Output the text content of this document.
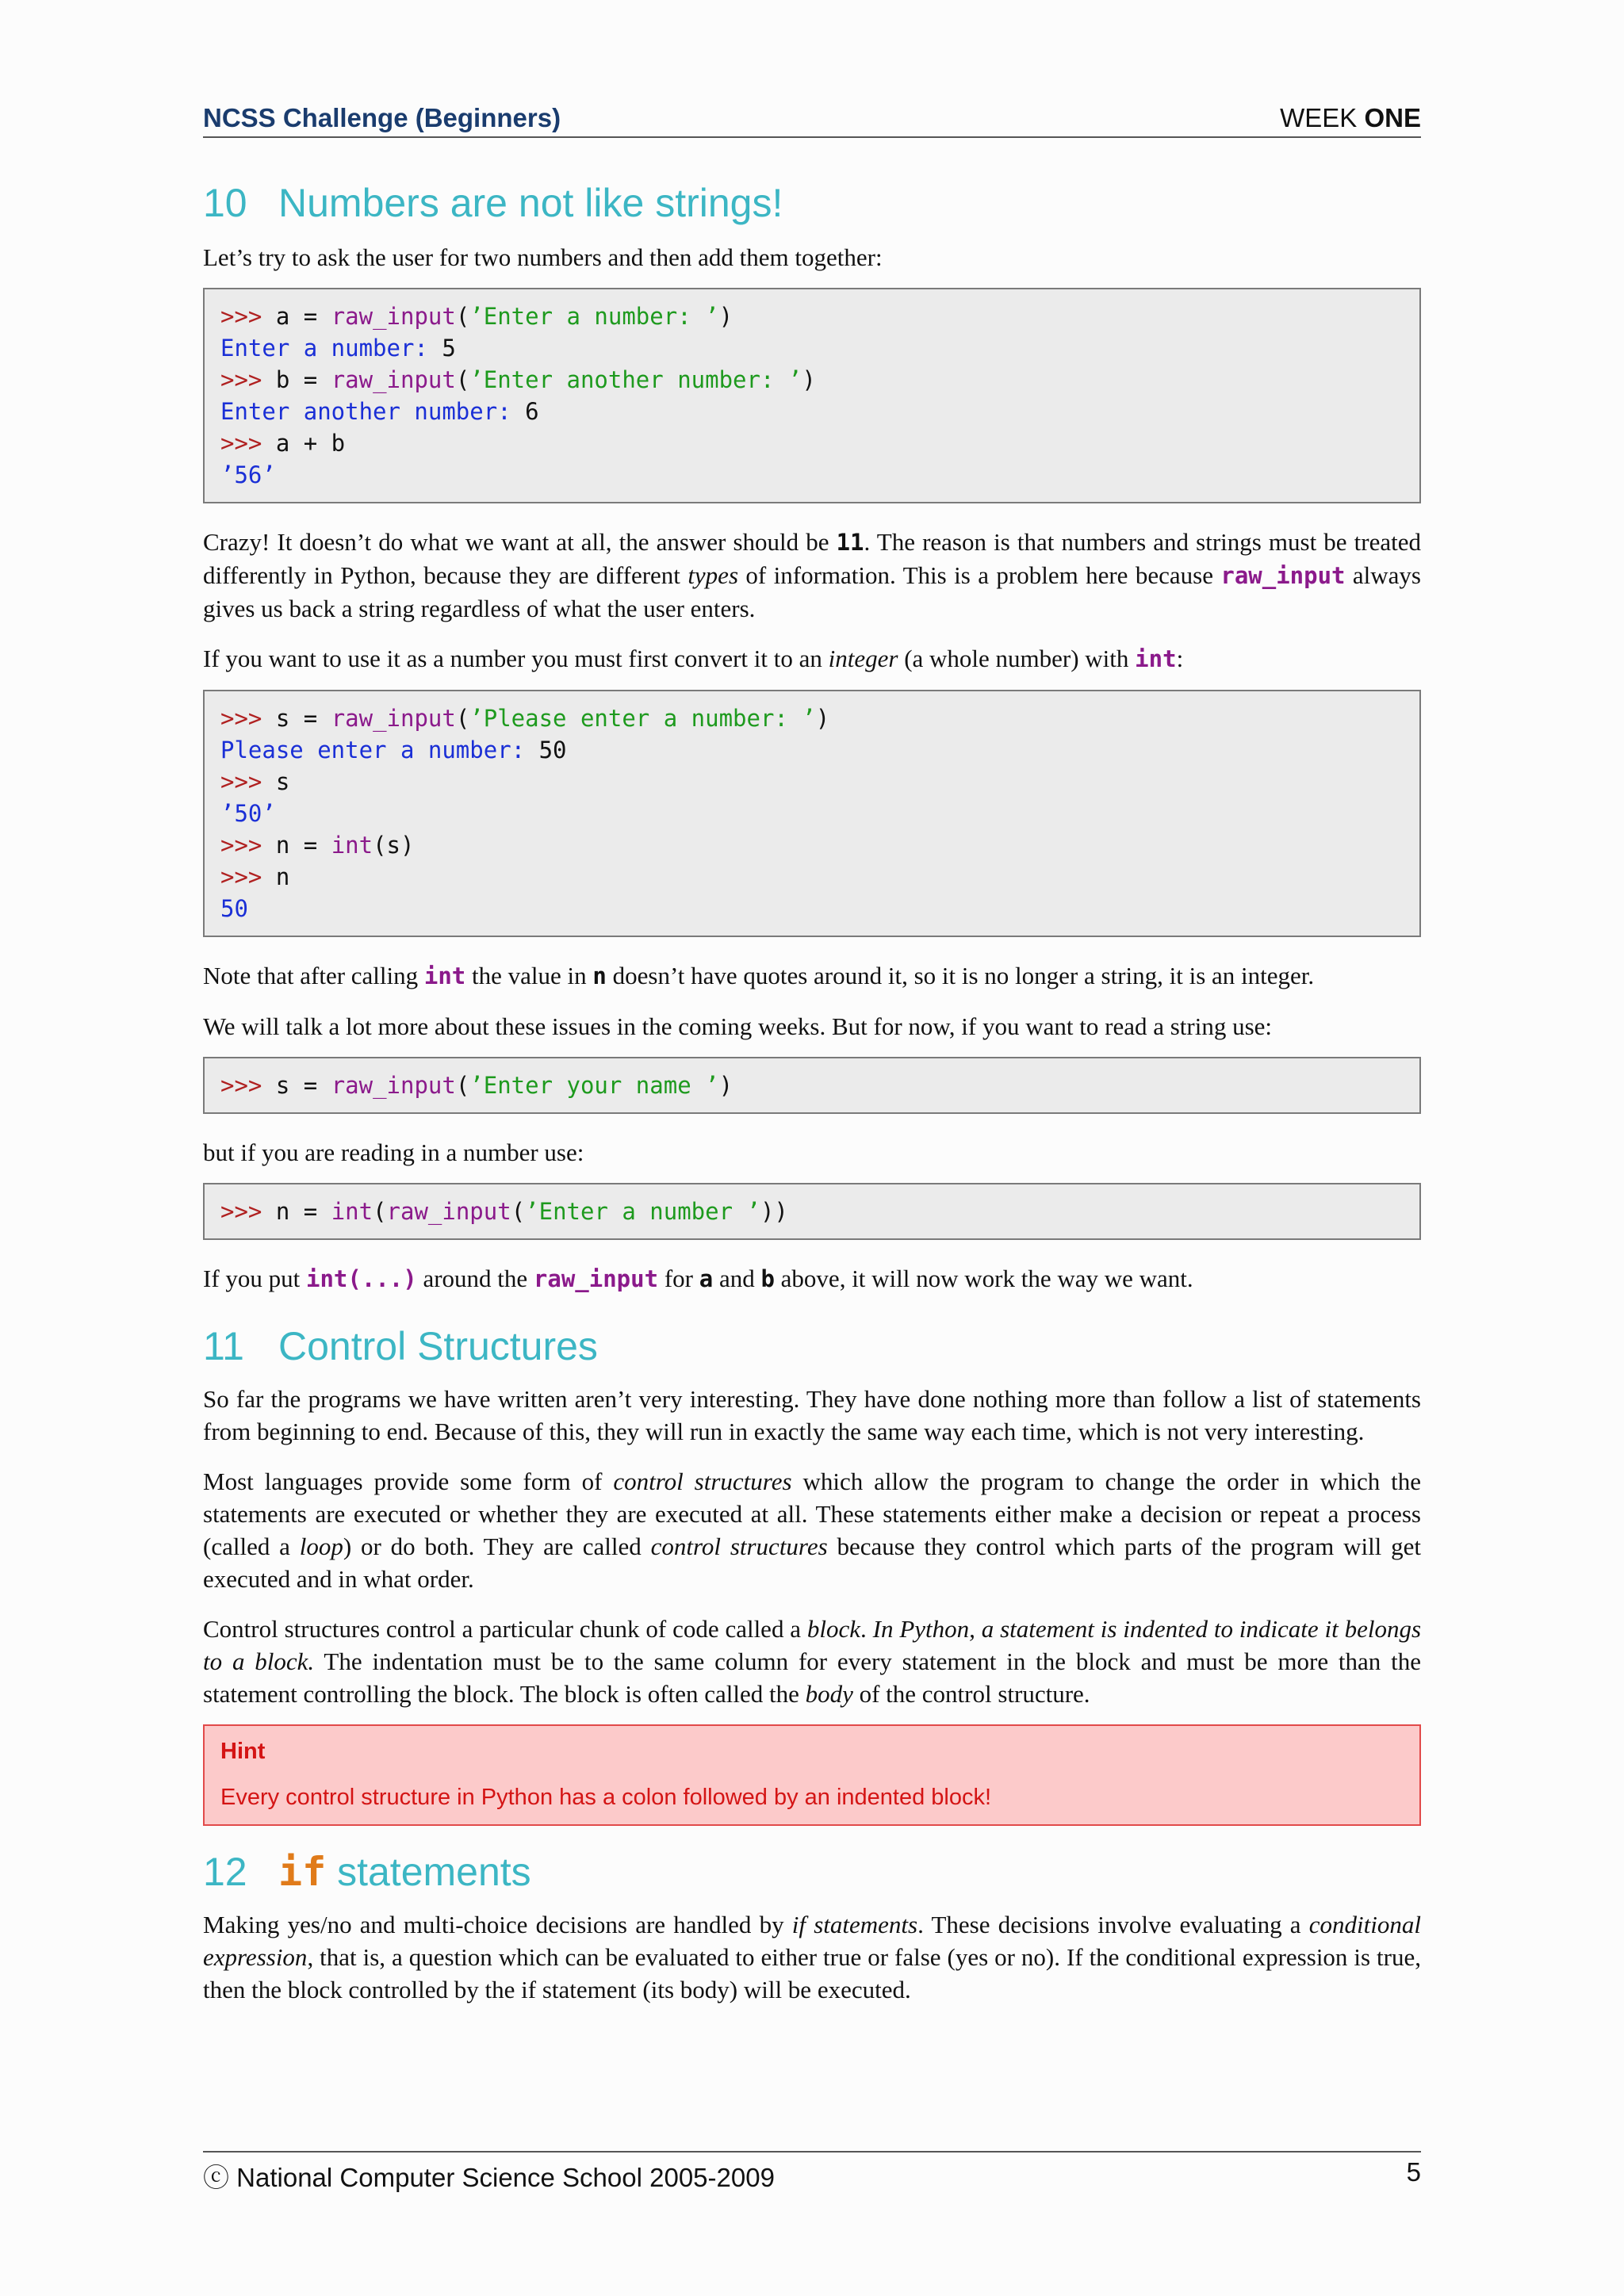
NCSS Challenge (Beginners)	WEEK ONE
10 Numbers are not like strings!

Let’s try to ask the user for two numbers and then add them together:

>>> a = raw_input(’Enter a number: ’)
Enter a number: 5
>>> b = raw_input(’Enter another number: ’)
Enter another number: 6
>>> a + b
’56’

Crazy! It doesn’t do what we want at all, the answer should be 11. The reason is that numbers and strings must be treated differently in Python, because they are different types of information. This is a problem here because raw_input always gives us back a string regardless of what the user enters.

If you want to use it as a number you must first convert it to an integer (a whole number) with int:

>>> s = raw_input(’Please enter a number: ’)
Please enter a number: 50
>>> s
’50’
>>> n = int(s)
>>> n
50

Note that after calling int the value in n doesn’t have quotes around it, so it is no longer a string, it is an integer.

We will talk a lot more about these issues in the coming weeks. But for now, if you want to read a string use:

>>> s = raw_input(’Enter your name ’)

but if you are reading in a number use:

>>> n = int(raw_input(’Enter a number ’))

If you put int(...) around the raw_input for a and b above, it will now work the way we want.

11 Control Structures

So far the programs we have written aren’t very interesting. They have done nothing more than follow a list of statements from beginning to end. Because of this, they will run in exactly the same way each time, which is not very interesting.

Most languages provide some form of control structures which allow the program to change the order in which the statements are executed or whether they are executed at all. These statements either make a decision or repeat a process (called a loop) or do both. They are called control structures because they control which parts of the program will get executed and in what order.

Control structures control a particular chunk of code called a block. In Python, a statement is indented to indicate it belongs to a block. The indentation must be to the same column for every statement in the block and must be more than the statement controlling the block. The block is often called the body of the control structure.

Hint
Every control structure in Python has a colon followed by an indented block!
12 if statements

Making yes/no and multi-choice decisions are handled by if statements. These decisions involve evaluating a conditional expression, that is, a question which can be evaluated to either true or false (yes or no). If the conditional expression is true, then the block controlled by the if statement (its body) will be executed.

ⓒ National Computer Science School 2005-2009	5
